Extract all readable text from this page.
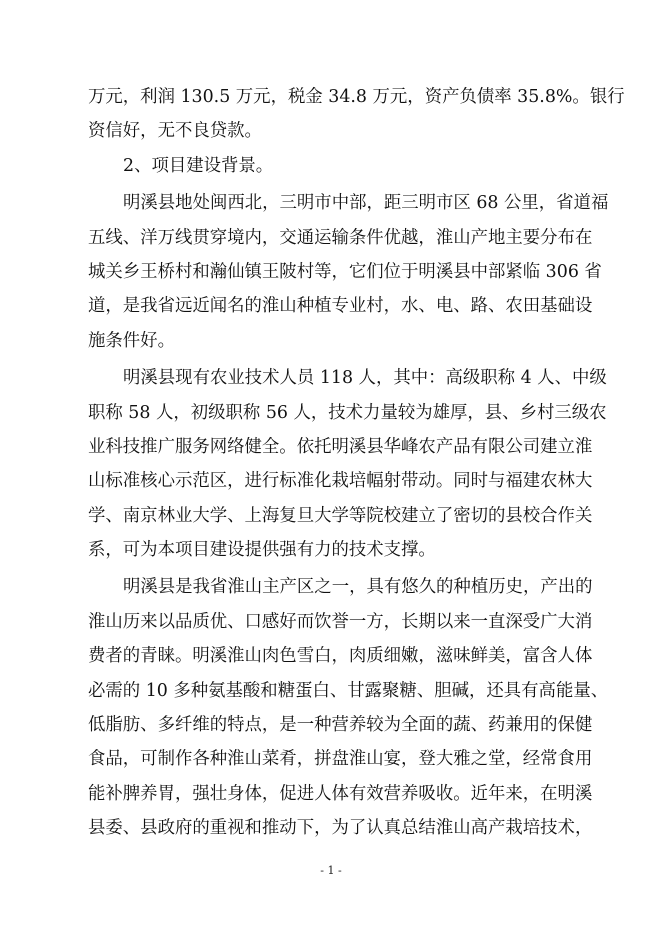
万元，利润 130.5 万元，税金 34.8 万元，资产负债率 35.8%。银行
资信好，无不良贷款。
2、项目建设背景。
明溪县地处闽西北，三明市中部，距三明市区 68 公里，省道福
五线、洋万线贯穿境内，交通运输条件优越，淮山产地主要分布在
城关乡王桥村和瀚仙镇王陂村等，它们位于明溪县中部紧临 306 省
道，是我省远近闻名的淮山种植专业村，水、电、路、农田基础设
施条件好。
明溪县现有农业技术人员 118 人，其中：高级职称 4 人、中级
职称 58 人，初级职称 56 人，技术力量较为雄厚，县、乡村三级农
业科技推广服务网络健全。依托明溪县华峰农产品有限公司建立淮
山标准核心示范区，进行标准化栽培幅射带动。同时与福建农林大
学、南京林业大学、上海复旦大学等院校建立了密切的县校合作关
系，可为本项目建设提供强有力的技术支撑。
明溪县是我省淮山主产区之一，具有悠久的种植历史，产出的
淮山历来以品质优、口感好而饮誉一方，长期以来一直深受广大消
费者的青睐。明溪淮山肉色雪白，肉质细嫩，滋味鲜美，富含人体
必需的 10 多种氨基酸和糖蛋白、甘露聚糖、胆碱，还具有高能量、
低脂肪、多纤维的特点，是一种营养较为全面的蔬、药兼用的保健
食品，可制作各种淮山菜肴，拼盘淮山宴，登大雅之堂，经常食用
能补脾养胃，强壮身体，促进人体有效营养吸收。近年来，在明溪
县委、县政府的重视和推动下，为了认真总结淮山高产栽培技术，
- 1 -
